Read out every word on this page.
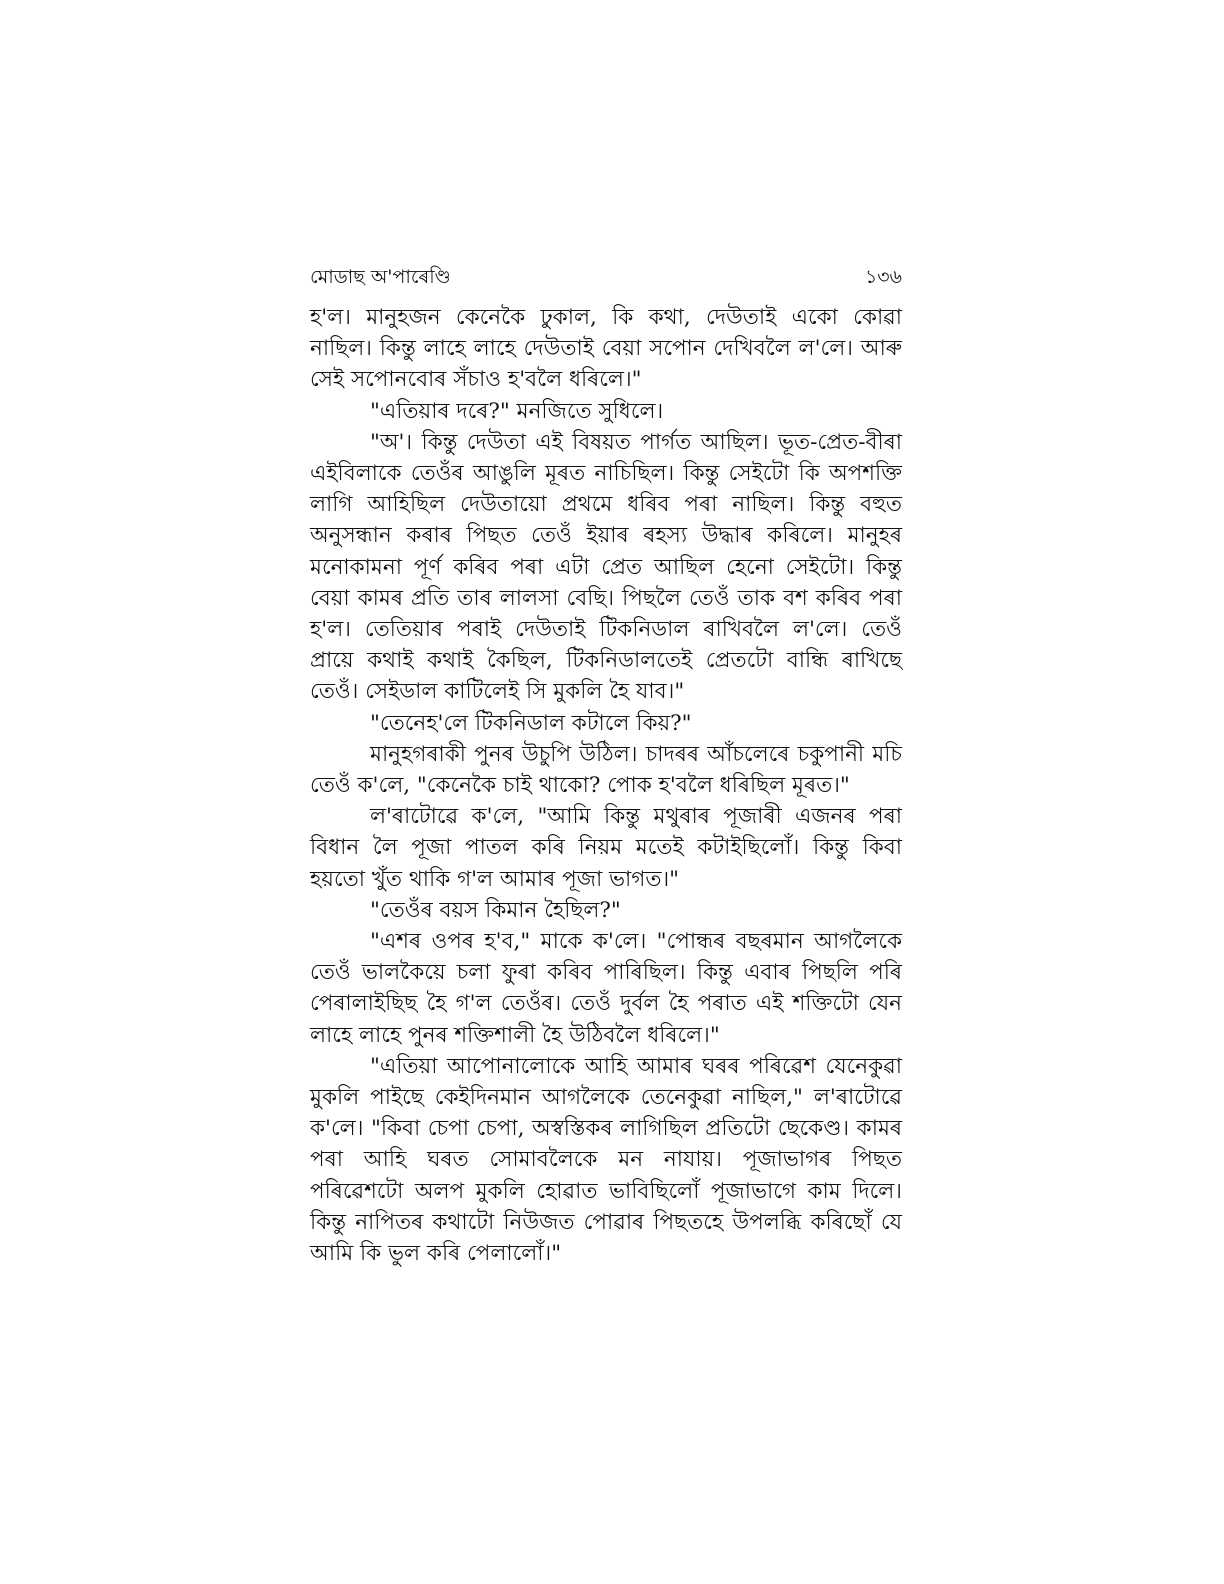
মোডাছ অ'পাৰেণ্ডি	১৩৬

হ'ল। মানুহজন কেনেকৈ ঢুকাল, কি কথা, দেউতাই একো কোৱা নাছিল। কিন্তু লাহে লাহে দেউতাই বেয়া সপোন দেখিবলৈ ল'লে। আৰু সেই সপোনবোৰ সঁচাও হ'বলৈ ধৰিলে।"

"এতিয়াৰ দৰে?" মনজিতে সুধিলে।

"অ'। কিন্তু দেউতা এই বিষয়ত পাৰ্গত আছিল। ভূত-প্ৰেত-বীৰা এইবিলাকে তেওঁৰ আঙুলি মূৰত নাচিছিল। কিন্তু সেইটো কি অপশক্তি লাগি আহিছিল দেউতায়ো প্ৰথমে ধৰিব পৰা নাছিল। কিন্তু বহুত অনুসন্ধান কৰাৰ পিছত তেওঁ ইয়াৰ ৰহস্য উদ্ধাৰ কৰিলে। মানুহৰ মনোকামনা পূৰ্ণ কৰিব পৰা এটা প্ৰেত আছিল হেনো সেইটো। কিন্তু বেয়া কামৰ প্ৰতি তাৰ লালসা বেছি। পিছলৈ তেওঁ তাক বশ কৰিব পৰা হ'ল। তেতিয়াৰ পৰাই দেউতাই টিকনিডাল ৰাখিবলৈ ল'লে। তেওঁ প্ৰায়ে কথাই কথাই কৈছিল, টিকনিডালতেই প্ৰেতটো বান্ধি ৰাখিছে তেওঁ। সেইডাল কাটিলেই সি মুকলি হৈ যাব।"

"তেনেহ'লে টিকনিডাল কটালে কিয়?"

মানুহগৰাকী পুনৰ উচুপি উঠিল। চাদৰৰ আঁচলেৰে চকুপানী মচি তেওঁ ক'লে, "কেনেকৈ চাই থাকো? পোক হ'বলৈ ধৰিছিল মূৰত।"

ল'ৰাটোৱে ক'লে, "আমি কিন্তু মথুৰাৰ পূজাৰী এজনৰ পৰা বিধান লৈ পূজা পাতল কৰি নিয়ম মতেই কটাইছিলোঁ। কিন্তু কিবা হয়তো খুঁত থাকি গ'ল আমাৰ পূজা ভাগত।"

"তেওঁৰ বয়স কিমান হৈছিল?"

"এশৰ ওপৰ হ'ব," মাকে ক'লে। "পোন্ধৰ বছৰমান আগলৈকে তেওঁ ভালকৈয়ে চলা ফুৰা কৰিব পাৰিছিল। কিন্তু এবাৰ পিছলি পৰি পেৰালাইছিছ হৈ গ'ল তেওঁৰ। তেওঁ দুৰ্বল হৈ পৰাত এই শক্তিটো যেন লাহে লাহে পুনৰ শক্তিশালী হৈ উঠিবলৈ ধৰিলে।"

"এতিয়া আপোনালোকে আহি আমাৰ ঘৰৰ পৰিৱেশ যেনেকুৱা মুকলি পাইছে কেইদিনমান আগলৈকে তেনেকুৱা নাছিল," ল'ৰাটোৱে ক'লে। "কিবা চেপা চেপা, অস্বস্তিকৰ লাগিছিল প্ৰতিটো ছেকেণ্ড। কামৰ পৰা আহি ঘৰত সোমাবলৈকে মন নাযায়। পূজাভাগৰ পিছত পৰিৱেশটো অলপ মুকলি হোৱাত ভাবিছিলোঁ পূজাভাগে কাম দিলে। কিন্তু নাপিতৰ কথাটো নিউজত পোৱাৰ পিছতহে উপলব্ধি কৰিছোঁ যে আমি কি ভুল কৰি পেলালোঁ।"
